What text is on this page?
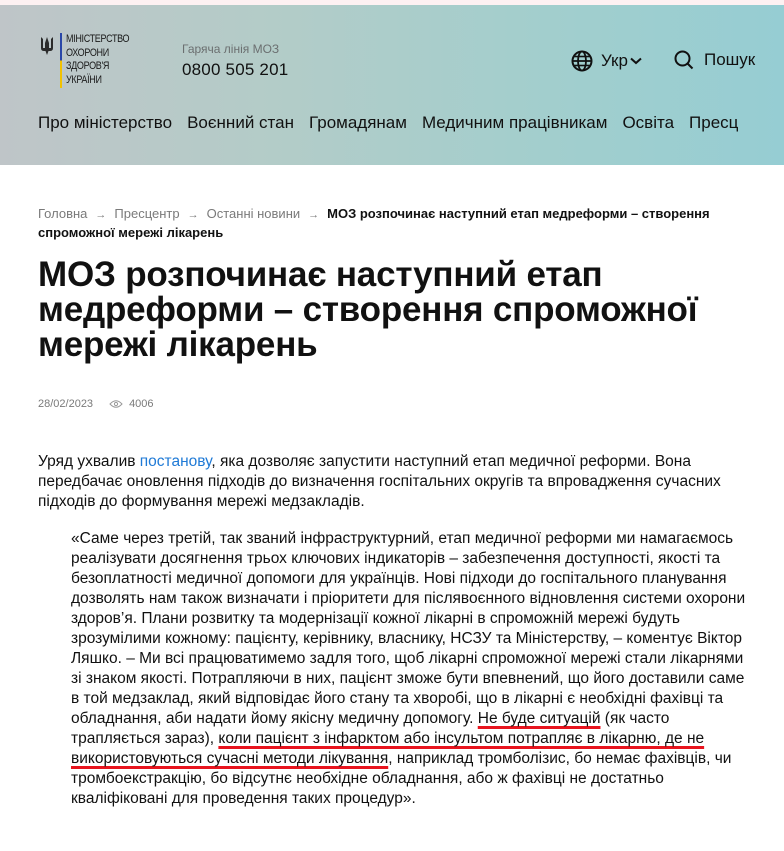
МІНІСТЕРСТВО
ОХОРОНИ
ЗДОРОВ'Я
УКРАЇНИ
Гаряча лінія МОЗ
0800 505 201	Укр	Пошук
Про міністерство Воєнний стан Громадянам Медичним працівникам Освіта Пресц
Головна → Пресцентр → Останні новини → МОЗ розпочинає наступний етап медреформи – створення спроможної мережі лікарень
МОЗ розпочинає наступний етап медреформи – створення спроможної мережі лікарень
28/02/2023	4006

Уряд ухвалив постанову, яка дозволяє запустити наступний етап медичної реформи. Вона передбачає оновлення підходів до визначення госпітальних округів та впровадження сучасних підходів до формування мережі медзакладів.

«Саме через третій, так званий інфраструктурний, етап медичної реформи ми намагаємось реалізувати досягнення трьох ключових індикаторів – забезпечення доступності, якості та безоплатності медичної допомоги для українців. Нові підходи до госпітального планування дозволять нам також визначати і пріоритети для післявоєнного відновлення системи охорони здоров’я. Плани розвитку та модернізації кожної лікарні в спроможній мережі будуть зрозумілими кожному: пацієнту, керівнику, власнику, НСЗУ та Міністерству, – коментує Віктор Ляшко. – Ми всі працюватимемо задля того, щоб лікарні спроможної мережі стали лікарнями зі знаком якості. Потрапляючи в них, пацієнт зможе бути впевнений, що його доставили саме в той медзаклад, який відповідає його стану та хворобі, що в лікарні є необхідні фахівці та обладнання, аби надати йому якісну медичну допомогу. Не буде ситуацій (як часто трапляється зараз), коли пацієнт з інфарктом або інсультом потрапляє в лікарню, де не використовуються сучасні методи лікування, наприклад тромболізис, бо немає фахівців, чи тромбоекстракцію, бо відсутнє необхідне обладнання, або ж фахівці не достатньо кваліфіковані для проведення таких процедур».
